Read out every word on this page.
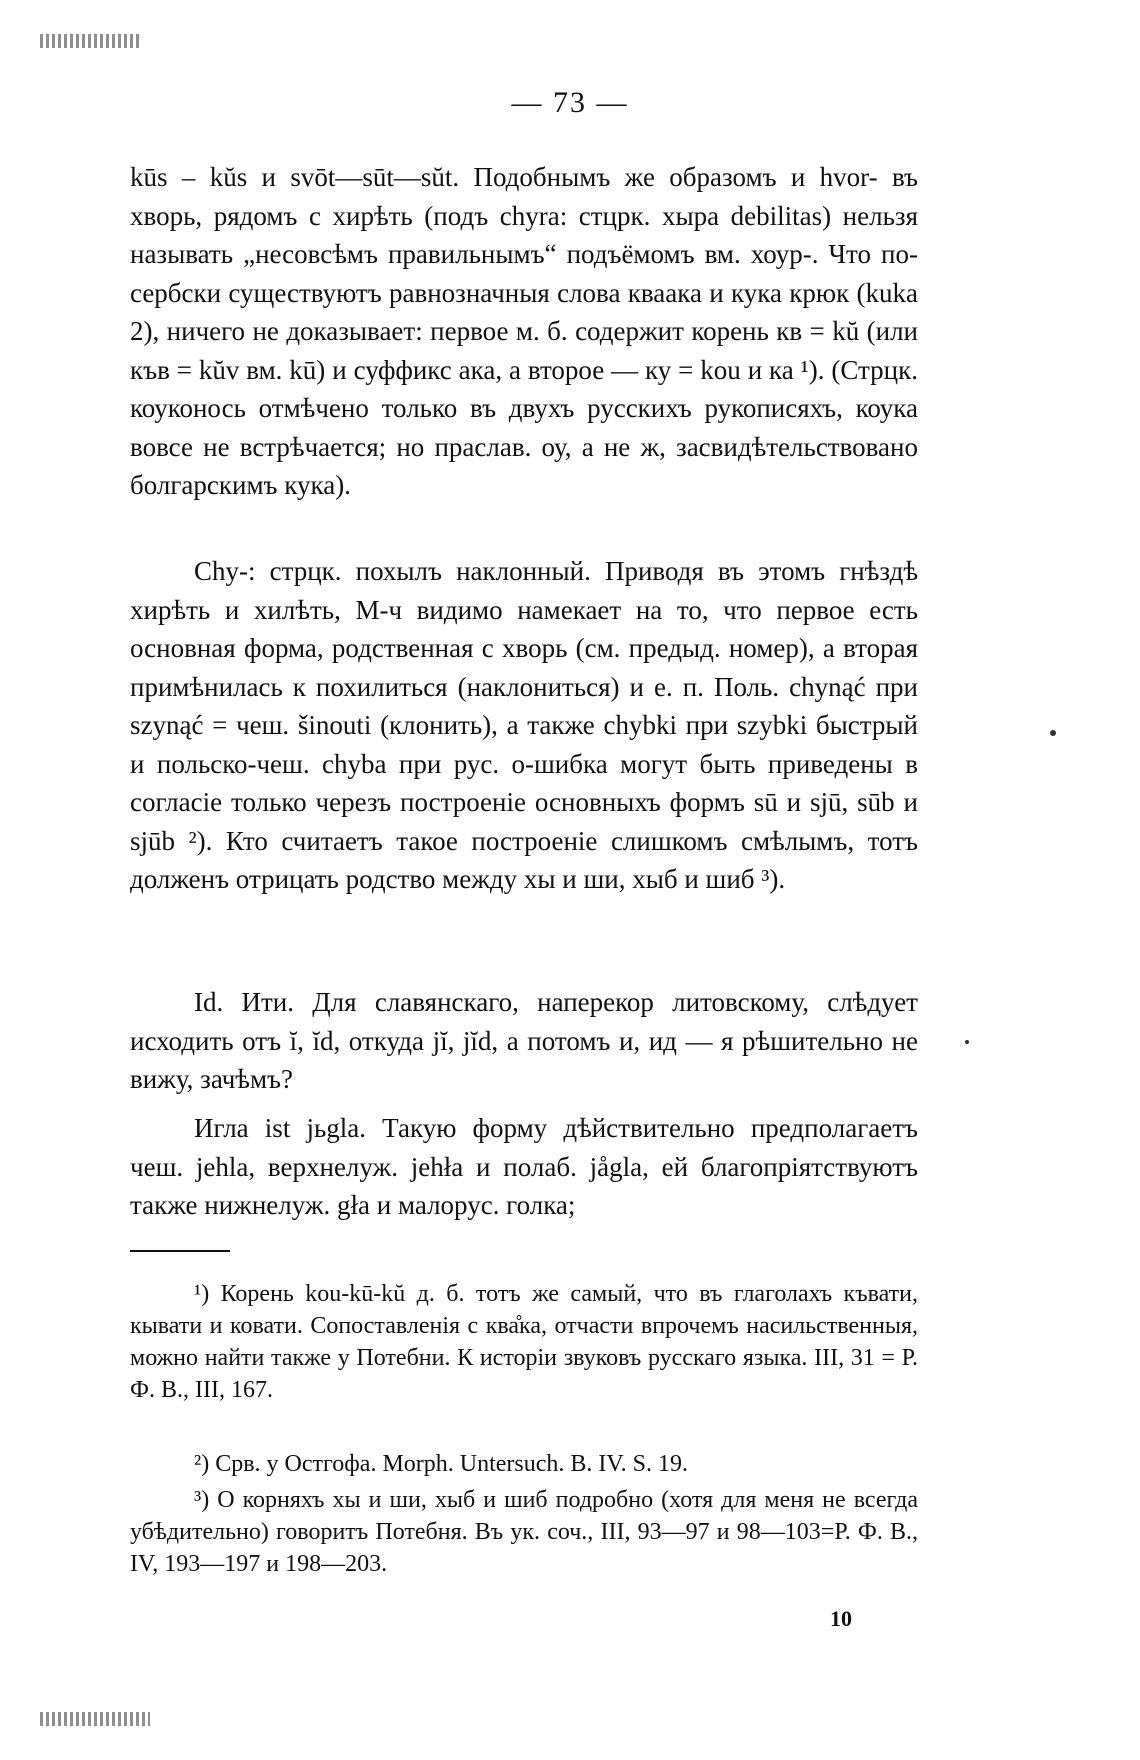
— 73 —

kūs – kŭs и svōt—sūt—sŭt. Подобнымъ же образомъ и hvor- въ хворь, рядомъ с хирѣть (подъ chyra: стцрк. хыра debilitas) нельзя называть „несовсѣмъ правильнымъ“ подъёмомъ вм. хоур-. Что по-сербски существуютъ равнозначныя слова кваака и кука крюк (kuka 2), ничего не доказывает: первое м. б. содержит корень кв = kŭ (или къв = kŭv вм. kū) и суффикс ака, а второе — ку = kou и ка ¹). (Стрцк. коуконось отмѣчено только въ двухъ русскихъ рукописяхъ, коука вовсе не встрѣчается; но праслав. оу, а не ж, засвидѣтельствовано болгарскимъ кука).

Chy-: стрцк. похылъ наклонный. Приводя въ этомъ гнѣздѣ хирѣть и хилѣть, М-ч видимо намекает на то, что первое есть основная форма, родственная с хворь (см. предыд. номер), а вторая примѣнилась к похилиться (наклониться) и е. п. Поль. chynąć при szynąć = чеш. šinouti (клонить), а также chybki при szybki быстрый и польско-чеш. chyba при рус. о-шибка могут быть приведены в согласіе только черезъ построеніе основныхъ формъ sū и sjū, sūb и sjūb ²). Кто считаетъ такое построеніе слишкомъ смѣлымъ, тотъ долженъ отрицать родство между хы и ши, хыб и шиб ³).

Id. Ити. Для славянскаго, наперекор литовскому, слѣдует исходить отъ ĭ, ĭd, откуда jĭ, jĭd, а потомъ и, ид — я рѣшительно не вижу, зачѣмъ?

Игла ist jьgla. Такую форму дѣйствительно предполагаетъ чеш. jehla, верхнелуж. jehła и полаб. jågla, ей благопріятствуютъ также нижнелуж. gła и малорус. голка;

¹) Корень kou-kū-kŭ д. б. тотъ же самый, что въ глаголахъ къвати, кывати и ковати. Сопоставленія с ква̊ка, отчасти впрочемъ насильственныя, можно найти также у Потебни. К исторіи звуковъ русскаго языка. III, 31 = Р. Ф. В., III, 167.

²) Срв. у Остгофа. Morph. Untersuch. В. IV. S. 19.

³) О корняхъ хы и ши, хыб и шиб подробно (хотя для меня не всегда убѣдительно) говоритъ Потебня. Въ ук. соч., III, 93—97 и 98—103=Р. Ф. В., IV, 193—197 и 198—203.

10
